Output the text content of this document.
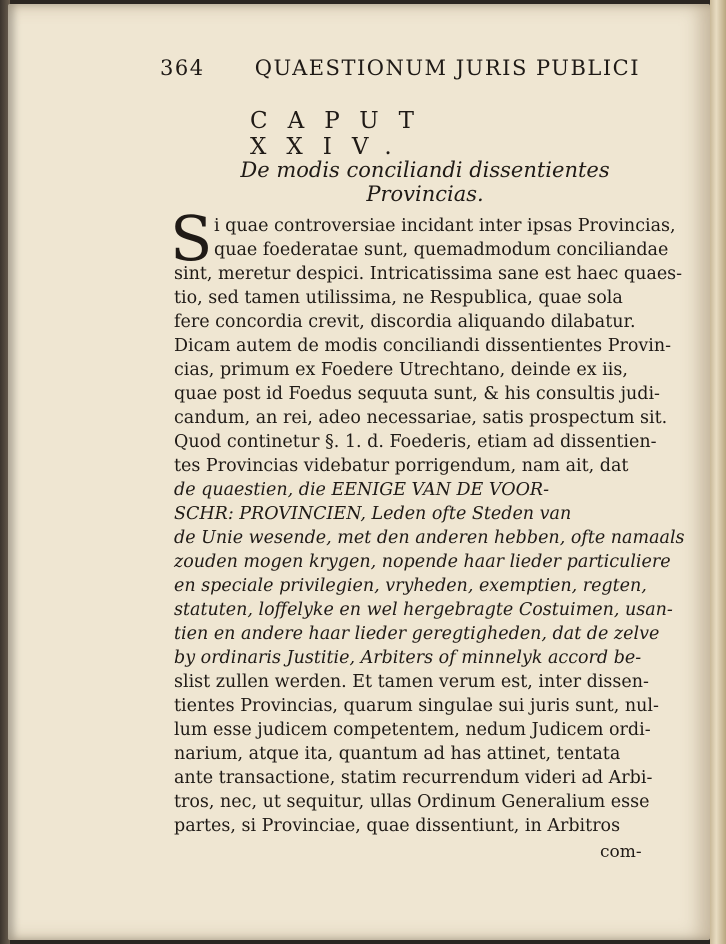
364 QUAESTIONUM JURIS PUBLICI
CAPUT XXIV.
De modis conciliandi dissentientes Provincias.
S i quae controversiae incidant inter ipsas Provincias,
quae foederatae sunt, quemadmodum conciliandae
sint, meretur despici. Intricatissima sane est haec quaes-
tio, sed tamen utilissima, ne Respublica, quae sola
fere concordia crevit, discordia aliquando dilabatur.
Dicam autem de modis conciliandi dissentientes Provin-
cias, primum ex Foedere Utrechtano, deinde ex iis,
quae post id Foedus sequuta sunt, & his consultis judi-
candum, an rei, adeo necessariae, satis prospectum sit.
Quod continetur §. 1. d. Foederis, etiam ad dissentien-
tes Provincias videbatur porrigendum, nam ait, dat
de quaestien, die EENIGE VAN DE VOOR-
SCHR: PROVINCIEN, Leden ofte Steden van
de Unie wesende, met den anderen hebben, ofte namaals
zouden mogen krygen, nopende haar lieder particuliere
en speciale privilegien, vryheden, exemptien, regten,
statuten, loffelyke en wel hergebragte Costuimen, usan-
tien en andere haar lieder geregtigheden, dat de zelve
by ordinaris Justitie, Arbiters of minnelyk accord be-
slist zullen werden. Et tamen verum est, inter dissen-
tientes Provincias, quarum singulae sui juris sunt, nul-
lum esse judicem competentem, nedum Judicem ordi-
narium, atque ita, quantum ad has attinet, tentata
ante transactione, statim recurrendum videri ad Arbi-
tros, nec, ut sequitur, ullas Ordinum Generalium esse
partes, si Provinciae, quae dissentiunt, in Arbitros
com-
